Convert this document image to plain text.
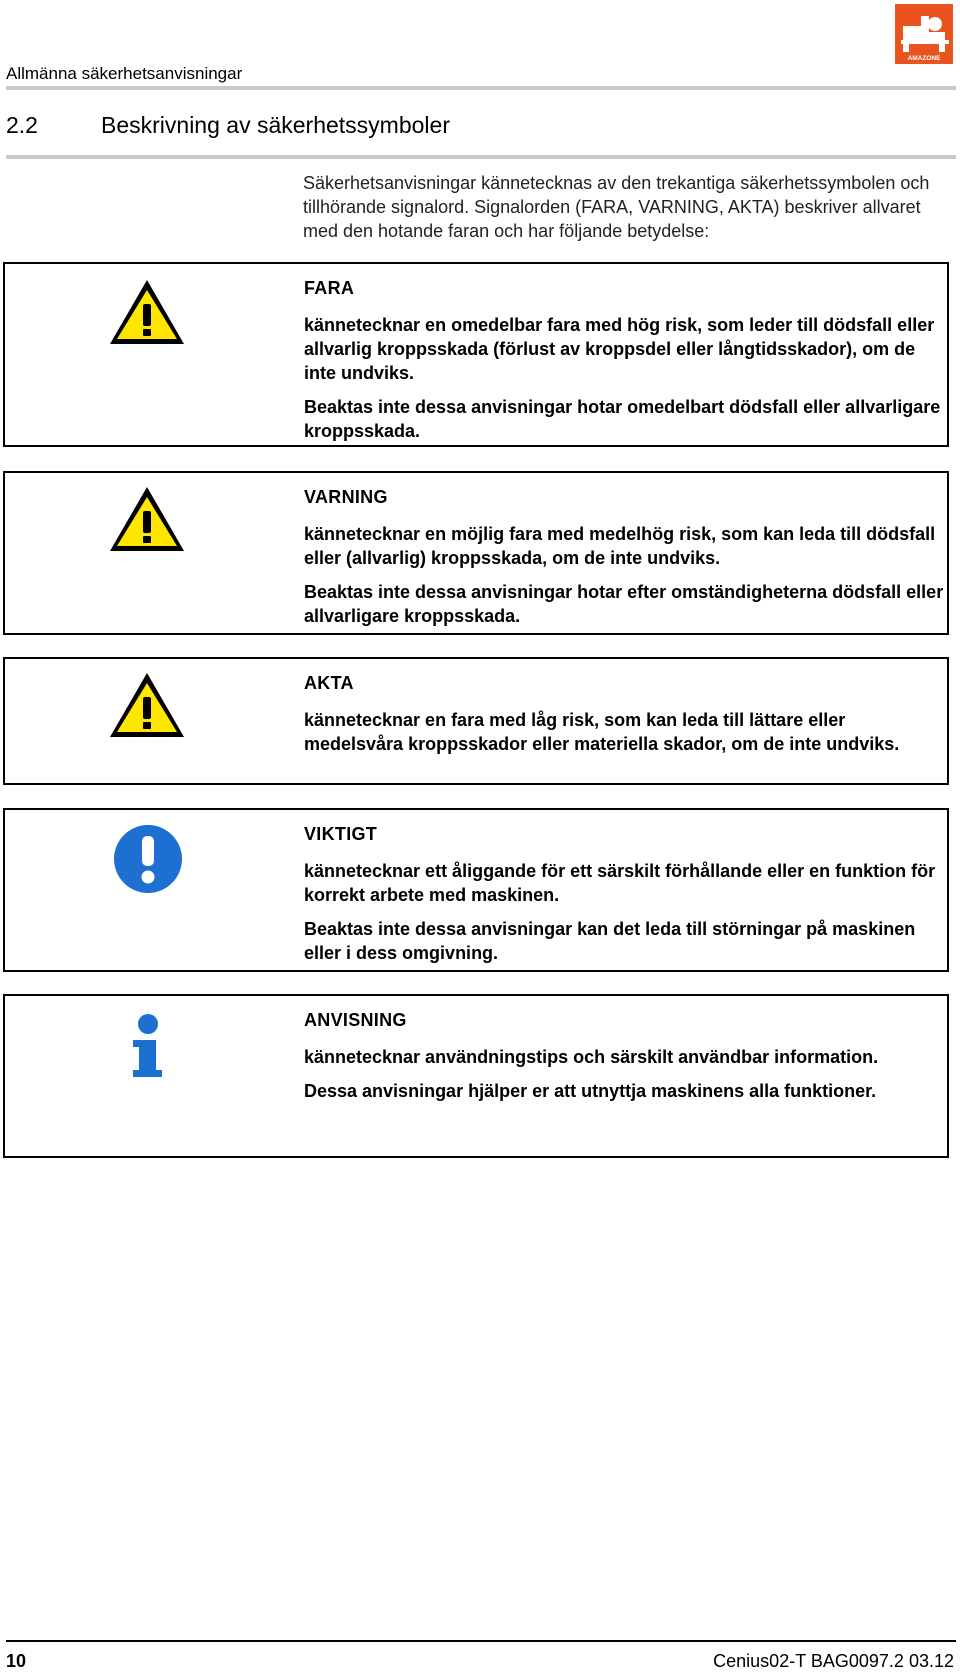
Allmänna säkerhetsanvisningar
AMAZONE
2.2	Beskrivning av säkerhetssymboler
Säkerhetsanvisningar kännetecknas av den trekantiga säkerhetssymbolen och tillhörande signalord. Signalorden (FARA, VARNING, AKTA) beskriver allvaret med den hotande faran och har följande betydelse:
FARA
kännetecknar en omedelbar fara med hög risk, som leder till dödsfall eller allvarlig kroppsskada (förlust av kroppsdel eller långtidsskador), om de inte undviks.
Beaktas inte dessa anvisningar hotar omedelbart dödsfall eller allvarligare kroppsskada.
VARNING
kännetecknar en möjlig fara med medelhög risk, som kan leda till dödsfall eller (allvarlig) kroppsskada, om de inte undviks.
Beaktas inte dessa anvisningar hotar efter omständigheterna dödsfall eller allvarligare kroppsskada.
AKTA
kännetecknar en fara med låg risk, som kan leda till lättare eller medelsvåra kroppsskador eller materiella skador, om de inte undviks.
VIKTIGT
kännetecknar ett åliggande för ett särskilt förhållande eller en funktion för korrekt arbete med maskinen.
Beaktas inte dessa anvisningar kan det leda till störningar på maskinen eller i dess omgivning.
ANVISNING
kännetecknar användningstips och särskilt användbar information.
Dessa anvisningar hjälper er att utnyttja maskinens alla funktioner.
10	Cenius02-T BAG0097.2 03.12
